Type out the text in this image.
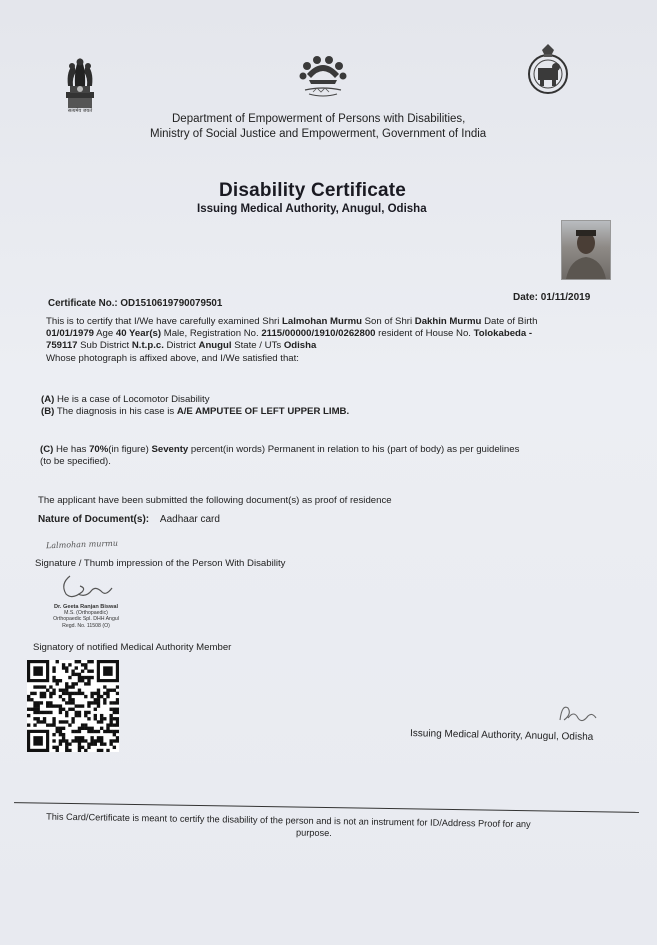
सत्यमेव जयते
Department of Empowerment of Persons with Disabilities,
Ministry of Social Justice and Empowerment, Government of India
Disability Certificate
Issuing Medical Authority, Anugul, Odisha
Certificate No.: OD1510619790079501
Date: 01/11/2019
This is to certify that I/We have carefully examined Shri Lalmohan Murmu Son of Shri Dakhin Murmu Date of Birth
01/01/1979 Age 40 Year(s) Male, Registration No. 2115/00000/1910/0262800 resident of House No. Tolokabeda -
759117 Sub District N.t.p.c. District Anugul State / UTs Odisha
Whose photograph is affixed above, and I/We satisfied that:
(A) He is a case of Locomotor Disability
(B) The diagnosis in his case is A/E AMPUTEE OF LEFT UPPER LIMB.
(C) He has 70%(in figure) Seventy percent(in words) Permanent in relation to his (part of body) as per guidelines
(to be specified).
The applicant have been submitted the following document(s) as proof of residence
Nature of Document(s): Aadhaar card
Lalmohan murmu
Signature / Thumb impression of the Person With Disability
Dr. Geeta Ranjan Biswal
M.S. (Orthopaedic)
Orthopaedic Spl. DHH Angul
Regd. No. 11508 (O)
Signatory of notified Medical Authority Member
Issuing Medical Authority, Anugul, Odisha
This Card/Certificate is meant to certify the disability of the person and is not an instrument for ID/Address Proof for any
purpose.
